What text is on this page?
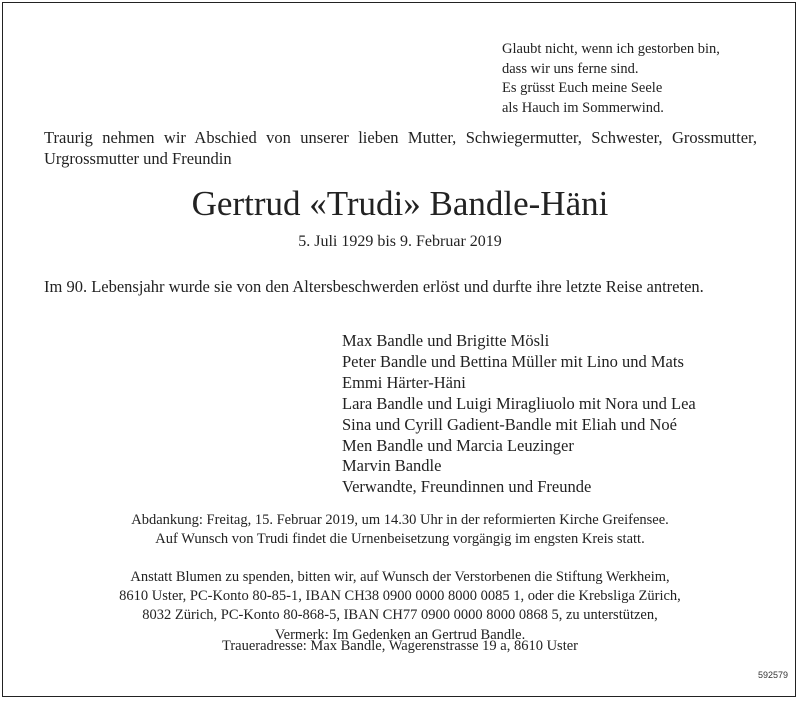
Glaubt nicht, wenn ich gestorben bin,
dass wir uns ferne sind.
Es grüsst Euch meine Seele
als Hauch im Sommerwind.
Traurig nehmen wir Abschied von unserer lieben Mutter, Schwiegermutter, Schwester, Grossmutter, Urgrossmutter und Freundin
Gertrud «Trudi» Bandle-Häni
5. Juli 1929 bis 9. Februar 2019
Im 90. Lebensjahr wurde sie von den Altersbeschwerden erlöst und durfte ihre letzte Reise antreten.
Max Bandle und Brigitte Mösli
Peter Bandle und Bettina Müller mit Lino und Mats
Emmi Härter-Häni
Lara Bandle und Luigi Miragliuolo mit Nora und Lea
Sina und Cyrill Gadient-Bandle mit Eliah und Noé
Men Bandle und Marcia Leuzinger
Marvin Bandle
Verwandte, Freundinnen und Freunde
Abdankung: Freitag, 15. Februar 2019, um 14.30 Uhr in der reformierten Kirche Greifensee.
Auf Wunsch von Trudi findet die Urnenbeisetzung vorgängig im engsten Kreis statt.
Anstatt Blumen zu spenden, bitten wir, auf Wunsch der Verstorbenen die Stiftung Werkheim,
8610 Uster, PC-Konto 80-85-1, IBAN CH38 0900 0000 8000 0085 1, oder die Krebsliga Zürich,
8032 Zürich, PC-Konto 80-868-5, IBAN CH77 0900 0000 8000 0868 5, zu unterstützen,
Vermerk: Im Gedenken an Gertrud Bandle.
Traueradresse: Max Bandle, Wagerenstrasse 19 a, 8610 Uster
592579
